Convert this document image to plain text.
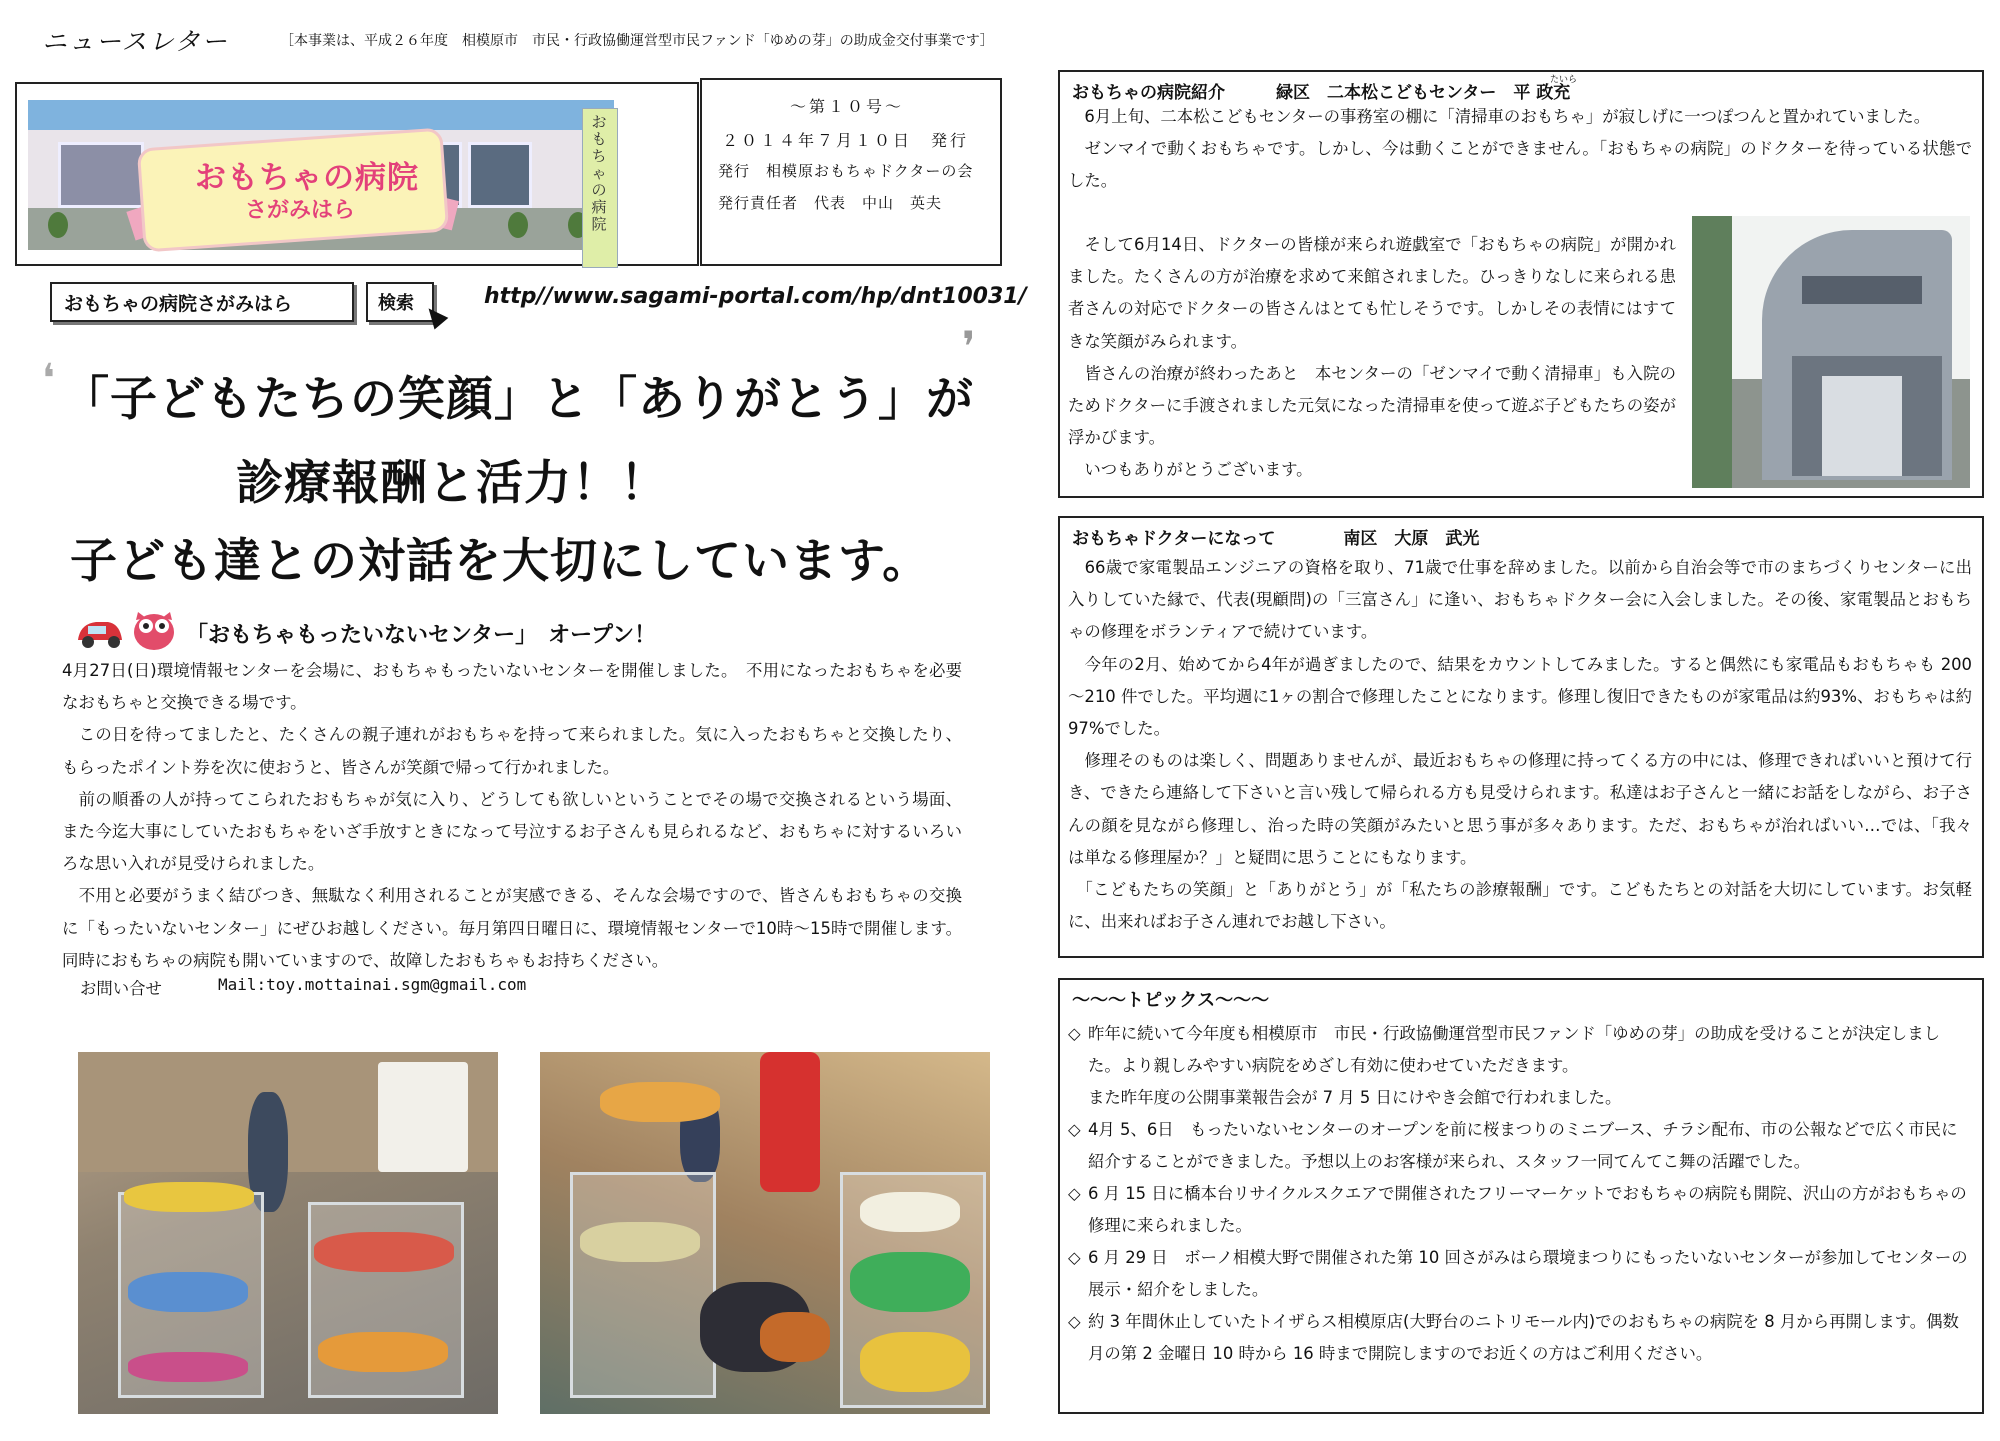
ニュースレター	［本事業は、平成２６年度　相模原市　市民・行政協働運営型市民ファンド「ゆめの芽」の助成金交付事業です］
おもちゃの病院
さがみはら
おもちゃの病院
～第１０号～
２０１４年７月１０日　発行
発行　相模原おもちゃドクターの会
発行責任者　代表　中山　英夫
おもちゃの病院さがみはら	検索	http//www.sagami-portal.com/hp/dnt10031/
❜
❛ 「子どもたちの笑顔」と「ありがとう」が
診療報酬と活力！！
子ども達との対話を大切にしています。
「おもちゃもったいないセンター」　オープン！
4月27日(日)環境情報センターを会場に、おもちゃもったいないセンターを開催しました。　不用になったおもちゃを必要なおもちゃと交換できる場です。
　この日を待ってましたと、たくさんの親子連れがおもちゃを持って来られました。気に入ったおもちゃと交換したり、もらったポイント券を次に使おうと、皆さんが笑顔で帰って行かれました。
　前の順番の人が持ってこられたおもちゃが気に入り、どうしても欲しいということでその場で交換されるという場面、また今迄大事にしていたおもちゃをいざ手放すときになって号泣するお子さんも見られるなど、おもちゃに対するいろいろな思い入れが見受けられました。
　不用と必要がうまく結びつき、無駄なく利用されることが実感できる、そんな会場ですので、皆さんもおもちゃの交換に「もったいないセンター」にぜひお越しください。毎月第四日曜日に、環境情報センターで10時～15時で開催します。同時におもちゃの病院も開いていますので、故障したおもちゃもお持ちください。
お問い合せ	Mail:toy.mottainai.sgm@gmail.com
おもちゃの病院紹介　　　緑区　二本松こどもセンター　平 政充
たいら
　6月上旬、二本松こどもセンターの事務室の棚に「清掃車のおもちゃ」が寂しげに一つぽつんと置かれていました。
　ゼンマイで動くおもちゃです。しかし、今は動くことができません。「おもちゃの病院」のドクターを待っている状態でした。
　そして6月14日、ドクターの皆様が来られ遊戯室で「おもちゃの病院」が開かれました。たくさんの方が治療を求めて来館されました。ひっきりなしに来られる患者さんの対応でドクターの皆さんはとても忙しそうです。しかしその表情にはすてきな笑顔がみられます。
　皆さんの治療が終わったあと　本センターの「ゼンマイで動く清掃車」も入院のためドクターに手渡されました元気になった清掃車を使って遊ぶ子どもたちの姿が浮かびます。
　いつもありがとうございます。
おもちゃドクターになって　　　　南区　大原　武光
　66歳で家電製品エンジニアの資格を取り、71歳で仕事を辞めました。以前から自治会等で市のまちづくりセンターに出入りしていた縁で、代表(現顧問)の「三富さん」に逢い、おもちゃドクター会に入会しました。その後、家電製品とおもちゃの修理をボランティアで続けています。
　今年の2月、始めてから4年が過ぎましたので、結果をカウントしてみました。すると偶然にも家電品もおもちゃも 200～210 件でした。平均週に1ヶの割合で修理したことになります。修理し復旧できたものが家電品は約93%、おもちゃは約97%でした。
　修理そのものは楽しく、問題ありませんが、最近おもちゃの修理に持ってくる方の中には、修理できればいいと預けて行き、できたら連絡して下さいと言い残して帰られる方も見受けられます。私達はお子さんと一緒にお話をしながら、お子さんの顔を見ながら修理し、治った時の笑顔がみたいと思う事が多々あります。ただ、おもちゃが治ればいい…では、「我々は単なる修理屋か？」と疑問に思うことにもなります。
　「こどもたちの笑顔」と「ありがとう」が「私たちの診療報酬」です。こどもたちとの対話を大切にしています。お気軽に、出来ればお子さん連れでお越し下さい。
～～～トピックス～～～
◇ 昨年に続いて今年度も相模原市　市民・行政協働運営型市民ファンド「ゆめの芽」の助成を受けることが決定しました。より親しみやすい病院をめざし有効に使わせていただきます。
また昨年度の公開事業報告会が 7 月 5 日にけやき会館で行われました。
◇ 4月 5、6日　もったいないセンターのオープンを前に桜まつりのミニブース、チラシ配布、市の公報などで広く市民に紹介することができました。予想以上のお客様が来られ、スタッフ一同てんてこ舞の活躍でした。
◇ 6 月 15 日に橋本台リサイクルスクエアで開催されたフリーマーケットでおもちゃの病院も開院、沢山の方がおもちゃの修理に来られました。
◇ 6 月 29 日　ボーノ相模大野で開催された第 10 回さがみはら環境まつりにもったいないセンターが参加してセンターの展示・紹介をしました。
◇ 約 3 年間休止していたトイザらス相模原店(大野台のニトリモール内)でのおもちゃの病院を 8 月から再開します。偶数月の第 2 金曜日 10 時から 16 時まで開院しますのでお近くの方はご利用ください。
